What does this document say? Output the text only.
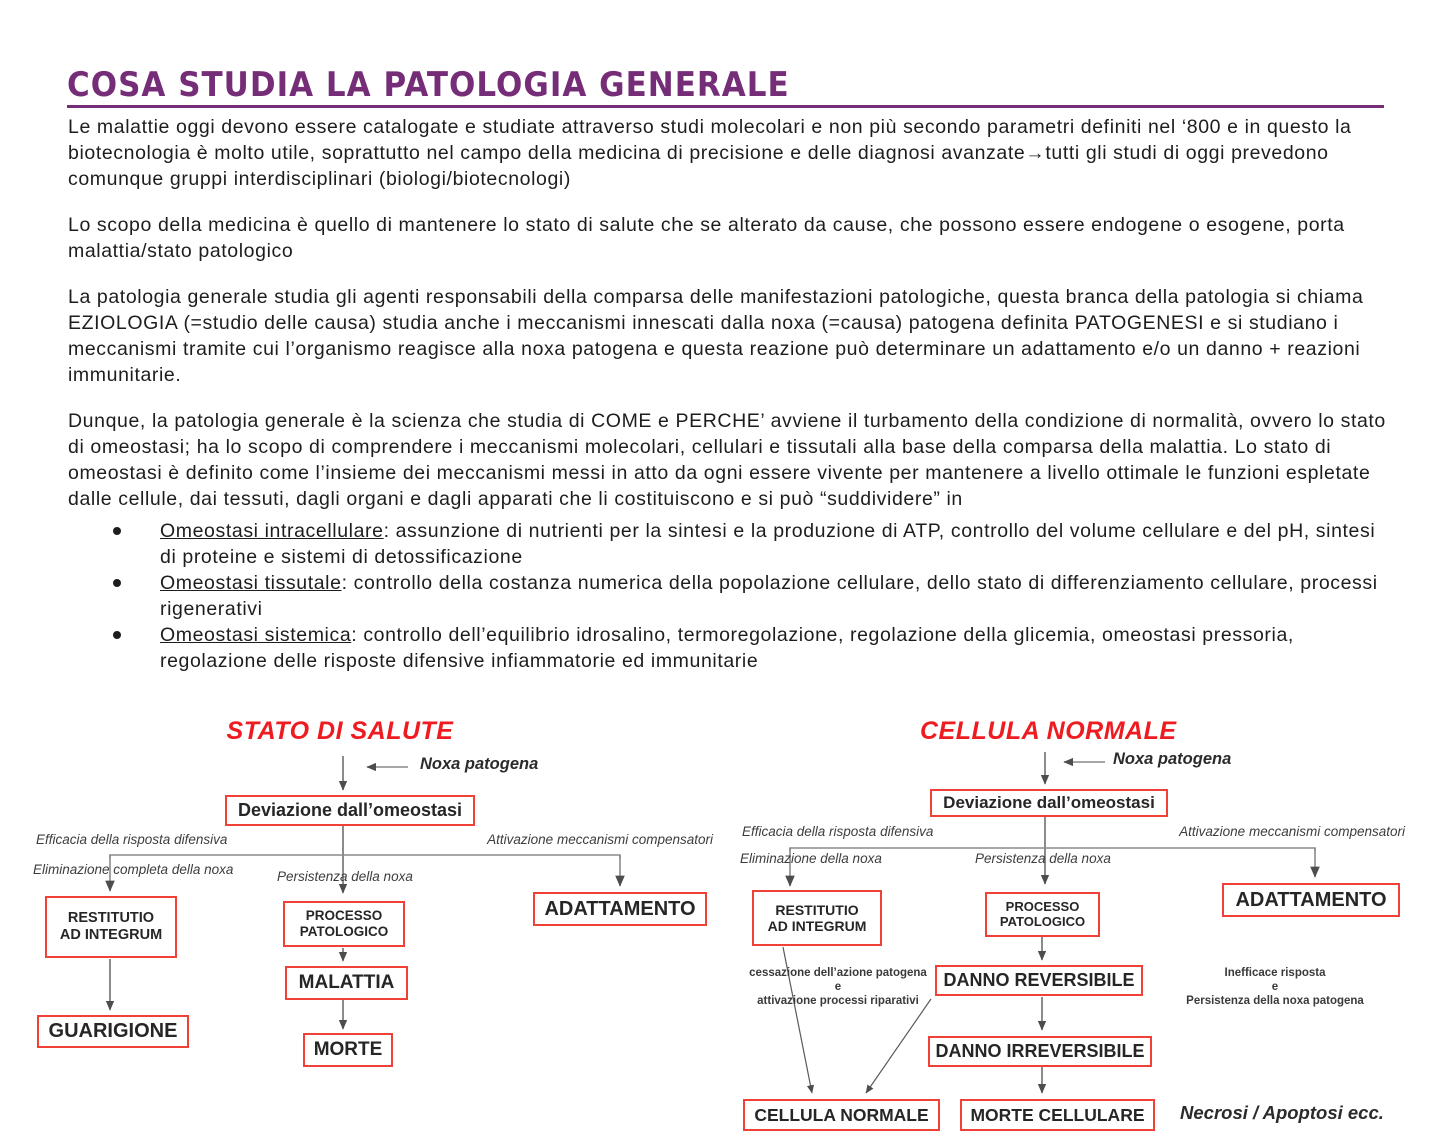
COSA STUDIA LA PATOLOGIA GENERALE

Le malattie oggi devono essere catalogate e studiate attraverso studi molecolari e non più secondo parametri definiti nel ‘800 e in questo la biotecnologia è molto utile, soprattutto nel campo della medicina di precisione e delle diagnosi avanzate→tutti gli studi di oggi prevedono comunque gruppi interdisciplinari (biologi/biotecnologi)

Lo scopo della medicina è quello di mantenere lo stato di salute che se alterato da cause, che possono essere endogene o esogene, porta malattia/stato patologico

La patologia generale studia gli agenti responsabili della comparsa delle manifestazioni patologiche, questa branca della patologia si chiama EZIOLOGIA (=studio delle causa) studia anche i meccanismi innescati dalla noxa (=causa) patogena definita PATOGENESI e si studiano i meccanismi tramite cui l’organismo reagisce alla noxa patogena e questa reazione può determinare un adattamento e/o un danno + reazioni immunitarie.

Dunque, la patologia generale è la scienza che studia di COME e PERCHE’ avviene il turbamento della condizione di normalità, ovvero lo stato di omeostasi; ha lo scopo di comprendere i meccanismi molecolari, cellulari e tissutali alla base della comparsa della malattia. Lo stato di omeostasi è definito come l’insieme dei meccanismi messi in atto da ogni essere vivente per mantenere a livello ottimale le funzioni espletate dalle cellule, dai tessuti, dagli organi e dagli apparati che li costituiscono e si può “suddividere” in

Omeostasi intracellulare: assunzione di nutrienti per la sintesi e la produzione di ATP, controllo del volume cellulare e del pH, sintesi di proteine e sistemi di detossificazione
Omeostasi tissutale: controllo della costanza numerica della popolazione cellulare, dello stato di differenziamento cellulare, processi rigenerativi
Omeostasi sistemica: controllo dell’equilibrio idrosalino, termoregolazione, regolazione della glicemia, omeostasi pressoria, regolazione delle risposte difensive infiammatorie ed immunitarie
STATO DI SALUTE
Noxa patogena
Deviazione dall’omeostasi
Efficacia della risposta difensiva	Attivazione meccanismi compensatori
Eliminazione completa della noxa	Persistenza della noxa
RESTITUTIO AD INTEGRUM
PROCESSO PATOLOGICO
ADATTAMENTO
GUARIGIONE
MALATTIA
MORTE
CELLULA NORMALE
Noxa patogena
Deviazione dall’omeostasi
Efficacia della risposta difensiva	Attivazione meccanismi compensatori
Eliminazione della noxa	Persistenza della noxa
RESTITUTIO AD INTEGRUM
PROCESSO PATOLOGICO
ADATTAMENTO
cessazione dell’azione patogena
e
attivazione processi riparativi
DANNO REVERSIBILE	Inefficace risposta
e
Persistenza della noxa patogena
DANNO IRREVERSIBILE
CELLULA NORMALE	MORTE CELLULARE	Necrosi / Apoptosi ecc.
